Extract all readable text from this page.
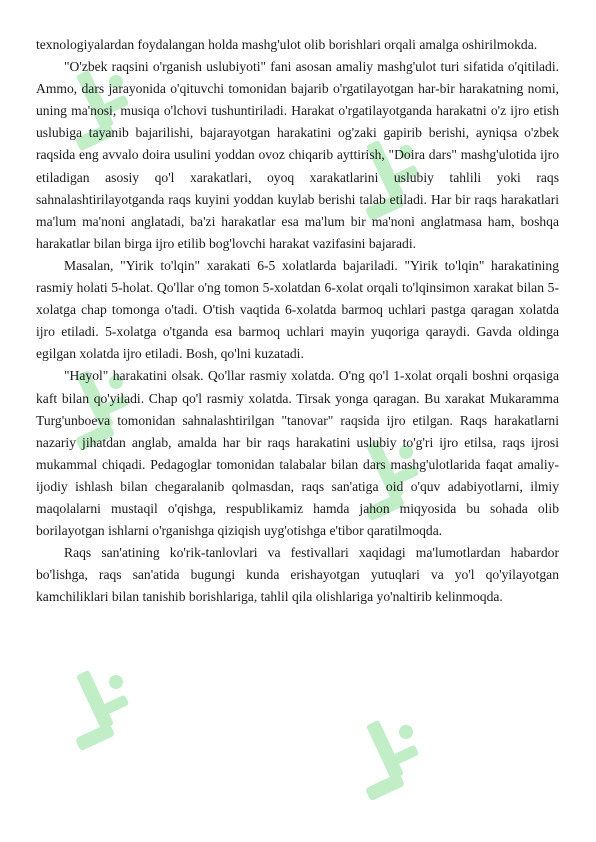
texnologiyalardan foydalangan holda mashg'ulot olib borishlari orqali amalga oshirilmokda.

"O'zbek raqsini o'rganish uslubiyoti" fani asosan amaliy mashg'ulot turi sifatida o'qitiladi. Ammo, dars jarayonida o'qituvchi tomonidan bajarib o'rgatilayotgan har-bir harakatning nomi, uning ma'nosi, musiqa o'lchovi tushuntiriladi. Harakat o'rgatilayotganda harakatni o'z ijro etish uslubiga tayanib bajarilishi, bajarayotgan harakatini og'zaki gapirib berishi, ayniqsa o'zbek raqsida eng avvalo doira usulini yoddan ovoz chiqarib ayttirish, "Doira dars" mashg'ulotida ijro etiladigan asosiy qo'l xarakatlari, oyoq xarakatlarini uslubiy tahlili yoki raqs sahnalashtirilayotganda raqs kuyini yoddan kuylab berishi talab etiladi. Har bir raqs harakatlari ma'lum ma'noni anglatadi, ba'zi harakatlar esa ma'lum bir ma'noni anglatmasa ham, boshqa harakatlar bilan birga ijro etilib bog'lovchi harakat vazifasini bajaradi.

Masalan, "Yirik to'lqin" xarakati 6-5 xolatlarda bajariladi. "Yirik to'lqin" harakatining rasmiy holati 5-holat. Qo'llar o'ng tomon 5-xolatdan 6-xolat orqali to'lqinsimon xarakat bilan 5-xolatga chap tomonga o'tadi. O'tish vaqtida 6-xolatda barmoq uchlari pastga qaragan xolatda ijro etiladi. 5-xolatga o'tganda esa barmoq uchlari mayin yuqoriga qaraydi. Gavda oldinga egilgan xolatda ijro etiladi. Bosh, qo'lni kuzatadi.

"Hayol" harakatini olsak. Qo'llar rasmiy xolatda. O'ng qo'l 1-xolat orqali boshni orqasiga kaft bilan qo'yiladi. Chap qo'l rasmiy xolatda. Tirsak yonga qaragan. Bu xarakat Mukaramma Turg'unboeva tomonidan sahnalashtirilgan "tanovar" raqsida ijro etilgan. Raqs harakatlarni nazariy jihatdan anglab, amalda har bir raqs harakatini uslubiy to'g'ri ijro etilsa, raqs ijrosi mukammal chiqadi. Pedagoglar tomonidan talabalar bilan dars mashg'ulotlarida faqat amaliy-ijodiy ishlash bilan chegaralanib qolmasdan, raqs san'atiga oid o'quv adabiyotlarni, ilmiy maqolalarni mustaqil o'qishga, respublikamiz hamda jahon miqyosida bu sohada olib borilayotgan ishlarni o'rganishga qiziqish uyg'otishga e'tibor qaratilmoqda.

Raqs san'atining ko'rik-tanlovlari va festivallari xaqidagi ma'lumotlardan habardor bo'lishga, raqs san'atida bugungi kunda erishayotgan yutuqlari va yo'l qo'yilayotgan kamchiliklari bilan tanishib borishlariga, tahlil qila olishlariga yo'naltirib kelinmoqda.
